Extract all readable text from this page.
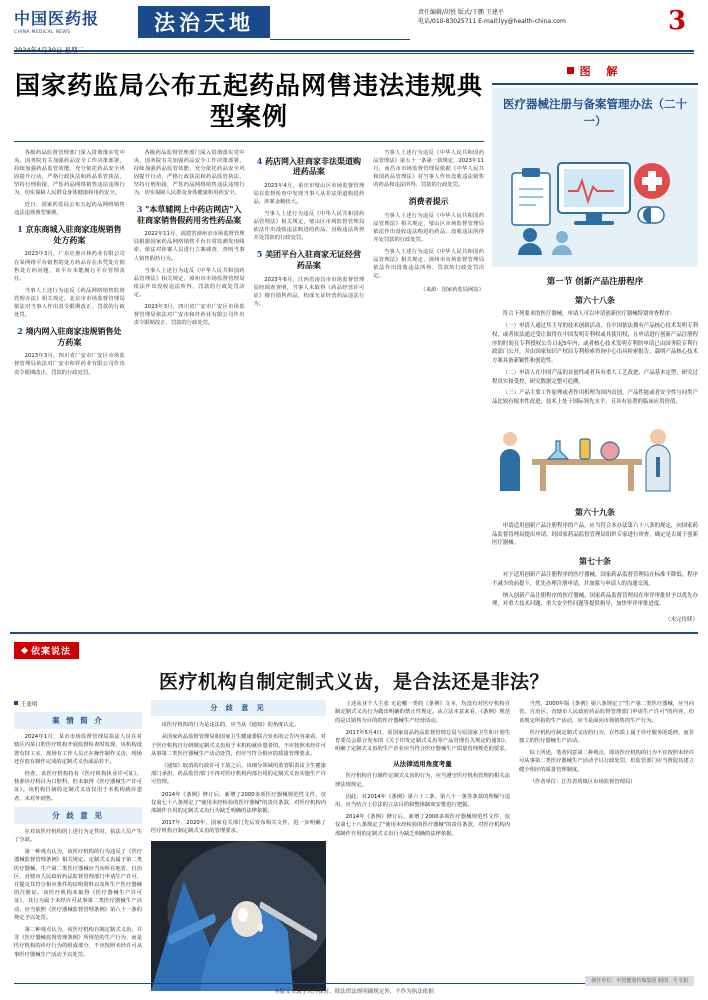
中国医药报
CHINA MEDICAL NEWS
2024年4月30日 星期二
法治天地	责任编辑/胡悦 版式/王鹏 王建平
电话/010-83025711 E-mail:lyy@health-china.com	3
国家药监局公布五起药品网售违法违规典型案例

各级药品监督管理部门深入贯彻落实党中央、国务院有关加强药品安全工作决策部署，持续加强药品监管效能，充分依托药品安全巩固提升行动，严格行政执法和药品监管执法，坚持行刑衔接，严惩药品网络销售违法违规行为，切实保障人民群众身体健康和用药安全。

近日，国家药监局公布五起药品网络销售违法违规典型案例。

1 京东商城入驻商家违规销售处方药案

2023年3月，广东壮惠百林药业有限公司在某网络平台销售的处方药品存在未凭处方销售处方药问题，该平台未能履行平台管理责任。

当事人上述行为违反《药品网络销售监督管理办法》相关规定，北京市市场监督管理局依法对当事人作出责令限期改正、罚款的行政处罚。

2 境内网入驻商家违规销售处方药案

2023年3月，四川省广安市广安区市场监督管理局依法对广安市和祥药业有限公司作出责令限期改正、罚款的行政处罚。

各级药品监督管理部门深入贯彻落实党中央、国务院有关加强药品安全工作决策部署，持续加强药品监管效能，充分依托药品安全巩固提升行动，严格行政执法和药品监管执法，坚持行刑衔接，严惩药品网络销售违法违规行为，切实保障人民群众身体健康和用药安全。

3 "本草辅网上中药店网店"入驻商家销售假药用劣性药品案

2022年11月，福建省漳州市市场监督管理局根据国家药品网络销售平台日常监测发现线索，依法对涉案人员进行立案调查，查明当事人销售假药行为。

当事人上述行为违反《中华人民共和国药品管理法》相关规定，漳州市市场监督管理局依法作出没收违法所得、罚款的行政处罚决定。

2023年3月，四川省广安市广安区市场监督管理局依法对广安市和祥药业有限公司作出责令限期改正、罚款的行政处罚。

4 药店网入驻商家非法渠道购进药品案

2023年4月，重庆市璧山区市场监督管理局在监督检查中发现当事人从非法渠道购进药品，涉案金额较大。

当事人上述行为违反《中华人民共和国药品管理法》相关规定，璧山区市场监督管理局依法作出没收违法购进的药品、没收违法所得并处罚款的行政处罚。

5 美团平台入驻商家无证经营药品案

2023年6月，江西省南昌市市场监督管理局经调查查明，当事人未取得《药品经营许可证》擅自销售药品，构成无证经营药品违法行为。

当事人上述行为违反《中华人民共和国药品管理法》第五十一条第一款规定，2023年11月，南昌市市场监督管理局依据《中华人民共和国药品管理法》对当事人作出没收违法销售的药品和违法所得、罚款的行政处罚。

消费者提示

当事人上述行为违反《中华人民共和国药品管理法》相关规定，璧山区市场监督管理局依法作出没收违法购进的药品、没收违法所得并处罚款的行政处罚。

当事人上述行为违反《中华人民共和国药品管理法》相关规定，漳州市市场监督管理局依法作出没收违法所得、罚款的行政处罚决定。

（来源：国家药监局网站）
图 解
医疗器械注册与备案管理办法（二十一）
第一节 创新产品注册程序
第六十八条

符合下列要求的医疗器械，申请人可以申请创新医疗器械特别审查程序：

（一）申请人通过其主导的技术创新活动，在中国依法拥有产品核心技术发明专利权，或者依法通过受让取得在中国发明专利权或其使用权，且申请进行创新产品注册程序的时间在专利授权公告日起5年内；或者核心技术发明专利的申请已由国务院专利行政部门公开，并由国家知识产权局专利检索咨询中心出具检索报告，载明产品核心技术方案具备新颖性和创造性。

（二）申请人在中国产品的首创性或者具有重大工艺改进，产品基本定型，研究过程真实和受控，研究数据完整可追溯。

（三）产品主要工作原理或者作用机理为国内首创，产品性能或者安全性与同类产品比较有根本性改进，技术上处于国际领先水平，且具有显著的临床应用价值。

第六十九条

申请适用创新产品注册程序的产品，应当符合本办法第六十八条的规定，向国家药品监督管理局提出申请。经国家药品监督管理局组织专家进行审查，确定是否属于创新医疗器械。

第七十条

对于适用创新产品注册程序的医疗器械，国家药品监督管理局在标准不降低、程序不减少的前提下，优先办理注册申请，并加强与申请人的沟通交流。

纳入创新产品注册程序的医疗器械，国家药品监督管理局在审评审批时予以优先办理，对重大技术问题、重大安全性问题等提供指导，加快审评审批进度。

（未完待续）
依案说法
医疗机构自制定制式义齿，是合法还是非法？
王张明
案 情 简 介

2024年1月，某市市场监督管理局执法人员在对辖区内某口腔医疗机构开展监督检查时发现，该机构设置有技工室，现场有工作人员正在操作制作义齿，现场还存放有制作完成的定制式义齿成品若干。

经查，该医疗机构持有《医疗机构执业许可证》，核准诊疗科目为口腔科，但未取得《医疗器械生产许可证》。该机构自制的定制式义齿仅用于本机构就诊患者，未对外销售。

分 歧 意 见

在对该医疗机构的上述行为定性时，执法人员产生了分歧。

第一种观点认为，该医疗机构的行为违反了《医疗器械监督管理条例》相关规定。定制式义齿属于第二类医疗器械，生产第二类医疗器械应当向所在地省、自治区、直辖市人民政府药品监督管理部门申请生产许可，并提交其符合相应条件的证明资料以及所生产医疗器械的注册证。该医疗机构未取得《医疗器械生产许可证》，其行为属于未经许可从事第二类医疗器械生产活动，应当依照《医疗器械监督管理条例》第八十一条的规定予以处罚。

第二种观点认为，该医疗机构自制定制式义齿，并非《医疗器械监督管理条例》所规范的生产行为，而是医疗机构的诊疗行为的组成部分，不应按照未经许可从事医疗器械生产活动予以处罚。

分 歧 意 见

该医疗机构的行为是违法的，应当从《通知》的角度认定。

从国家药品监督管理局和国家卫生健康委联合发布的公告内容来看，对于医疗机构自行研制定制式义齿用于本机构就诊患者的，不应按照未经许可从事第二类医疗器械生产活动处罚，但应当符合相应的质量管理要求。

《通知》取消的行政许可下放之后，该细分领域的监管职责由卫生健康部门承担，药品监管部门不再对医疗机构内部自用的定制式义齿实施生产许可管理。

2014年《条例》修订后，新增了2000多项医疗器械规范性文件，仅仅第七十八条规定了"使用未经检验的医疗器械"的责任条款，对医疗机构内部制作自用的定制式义齿行为缺乏明确的法律依据。

2017年、2020年，国家有关部门先后发布相关文件，进一步明确了医疗机构自制定制式义齿的管理要求。

上述从业个人主张 无论哪一类的《条例》文本，均没有对医疗机构自制定制式义齿行为做出明确的禁止性规定。从立法本意来看，《条例》规范的是以销售为目的的医疗器械生产经营活动。

2017年5月4日，原国家食品药品监督管理总局与原国家卫生和计划生育委员会联合发布的《关于印发定制式义齿等产品管理有关规定的通知》，明确了定制式义齿的生产企业应当符合医疗器械生产质量管理规范的要求。

从法律适用角度考量

医疗机构自行制作定制式义齿的行为，应当遵守医疗机构管理的相关法律法规规定。

因此，对2014年《条例》第六十三条、第八十一条等条款的理解与适用，应当结合上位法的立法目的和整体制度安排进行把握。

2014年《条例》修订后，新增了2000多项医疗器械规范性文件，仅仅第七十八条规定了"使用未经检验的医疗器械"的责任条款，对医疗机构内部制作自用的定制式义齿行为缺乏明确的法律依据。

当然，2000年版《条例》第八条规定了"生产第二类医疗器械，应当向省、自治区、直辖市人民政府药品监督管理部门申请生产许可"的内容，但该规定所指的生产活动，应当是面向市场销售的生产行为。

医疗机构自制定制式义齿的行为，在性质上属于诊疗服务的延伸，而非独立的医疗器械生产活动。

综上所述，笔者同意第二种观点，即该医疗机构的行为不宜按照未经许可从事第二类医疗器械生产活动予以行政处罚，但监管部门应当督促其建立健全相应的质量管理制度。

（作者单位：江苏省靖镇区市场监督管理局）

本版文章属学术性探讨，除法律法规明确规定外，不作为执法依据
制作单位：中国健康传媒集团 制图：牛文娟
